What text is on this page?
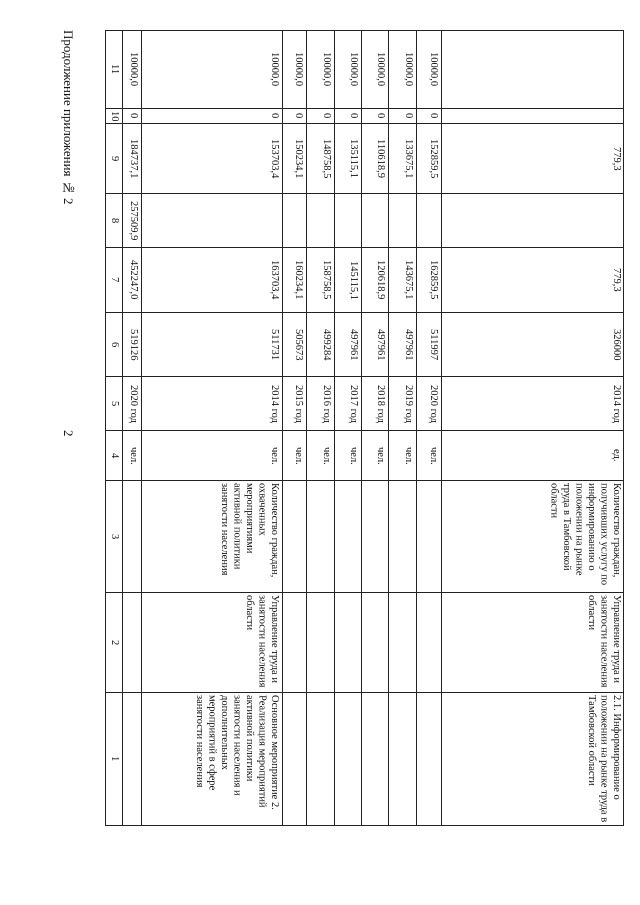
1
2
3
4
5
6
7
8
9
10
11 10000,0
0
184737,1
257509,9
452247,0
519126
2020 год
чел.
10000,0
0
153703,4
163703,4
511731
2014 год
чел.
Количество граждан, охваченных мероприятиями активной политики занятости населения
Управление труда и занятости населения области
Основное мероприятие 2. Реализация мероприятий активной политики занятости населения и дополнительных мероприятий в сфере занятости населения
10000,0
0
150234,1
160234,1
505673
2015 год
чел.
10000,0
0
148758,5
158758,5
499284
2016 год
чел.
10000,0
0
135115,1
145115,1
497961
2017 год
чел.
10000,0
0
110618,9
120618,9
497961
2018 год
чел.
10000,0
0
133675,1
143675,1
497961
2019 год
чел.
10000,0
0
152859,5
162859,5
511997
2020 год
чел.
779,3
779,3
326000
2014 год
ед.
Количество граждан, получивших услугу по информированию о положении на рынке труда в Тамбовской области
Управление труда и занятости населения области
2.1. Информирование о положении на рынке труда в Тамбовской области
Продолжение приложения № 2
2
